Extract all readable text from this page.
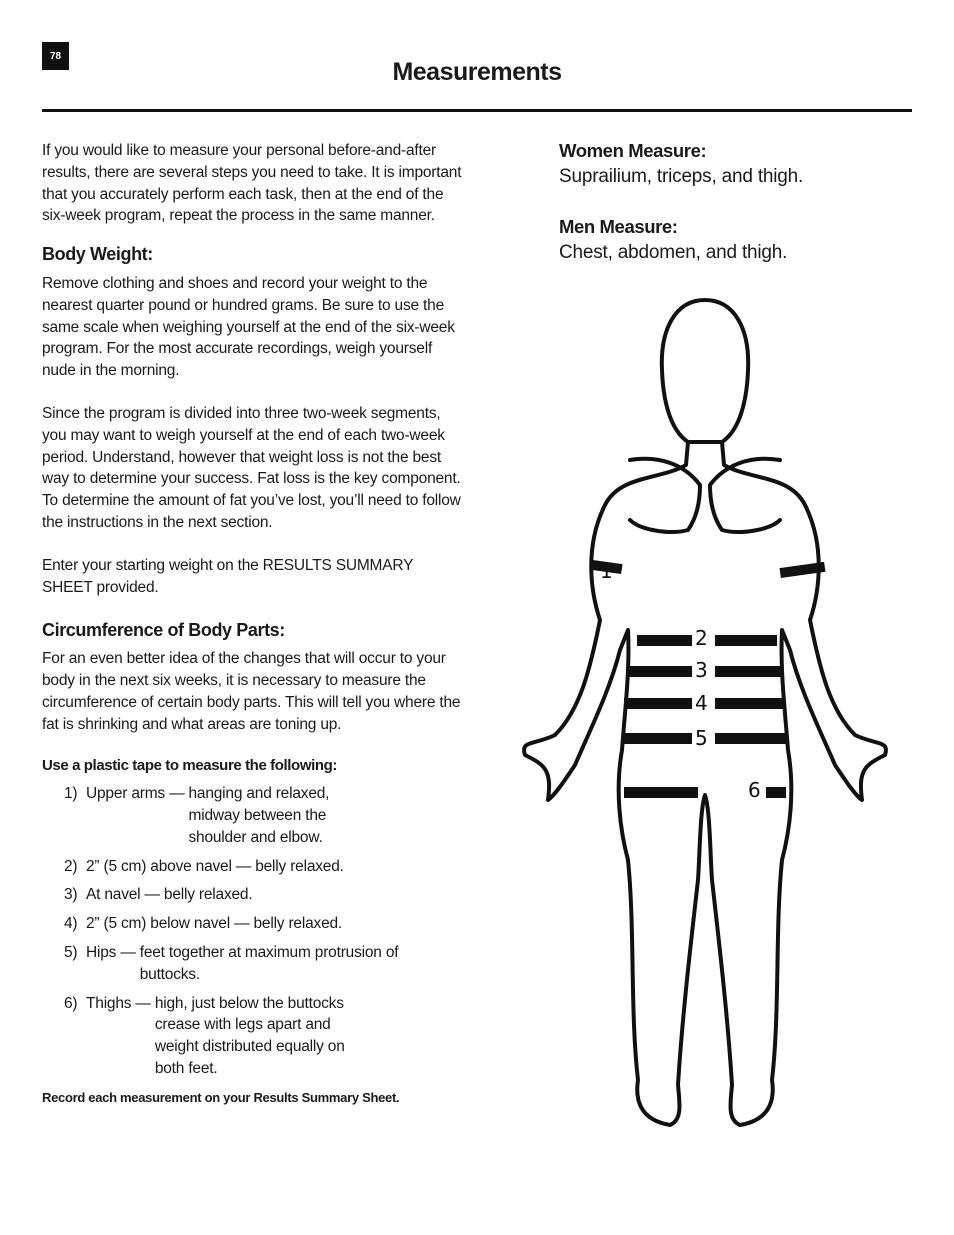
78
Measurements

If you would like to measure your personal before-and-after results, there are several steps you need to take. It is important that you accurately perform each task, then at the end of the six-week program, repeat the process in the same manner.

Body Weight:

Remove clothing and shoes and record your weight to the nearest quarter pound or hundred grams. Be sure to use the same scale when weighing yourself at the end of the six-week program. For the most accurate recordings, weigh yourself nude in the morning.

Since the program is divided into three two-week segments, you may want to weigh yourself at the end of each two-week period. Understand, however that weight loss is not the best way to determine your success. Fat loss is the key component. To determine the amount of fat you’ve lost, you’ll need to follow the instructions in the next section.

Enter your starting weight on the RESULTS SUMMARY SHEET provided.

Circumference of Body Parts:

For an even better idea of the changes that will occur to your body in the next six weeks, it is necessary to measure the circumference of certain body parts. This will tell you where the fat is shrinking and what areas are toning up.

Use a plastic tape to measure the following:

1) Upper arms — hanging and relaxed, midway between the shoulder and elbow.
2) 2” (5 cm) above navel — belly relaxed.
3) At navel — belly relaxed.
4) 2” (5 cm) below navel — belly relaxed.
5) Hips — feet together at maximum protrusion of buttocks.
6) Thighs — high, just below the buttocks crease with legs apart and weight distributed equally on both feet.

Record each measurement on your Results Summary Sheet.

Women Measure:

Suprailium, triceps, and thigh.

Men Measure:

Chest, abdomen, and thigh.

1
2
3
4
5
6
